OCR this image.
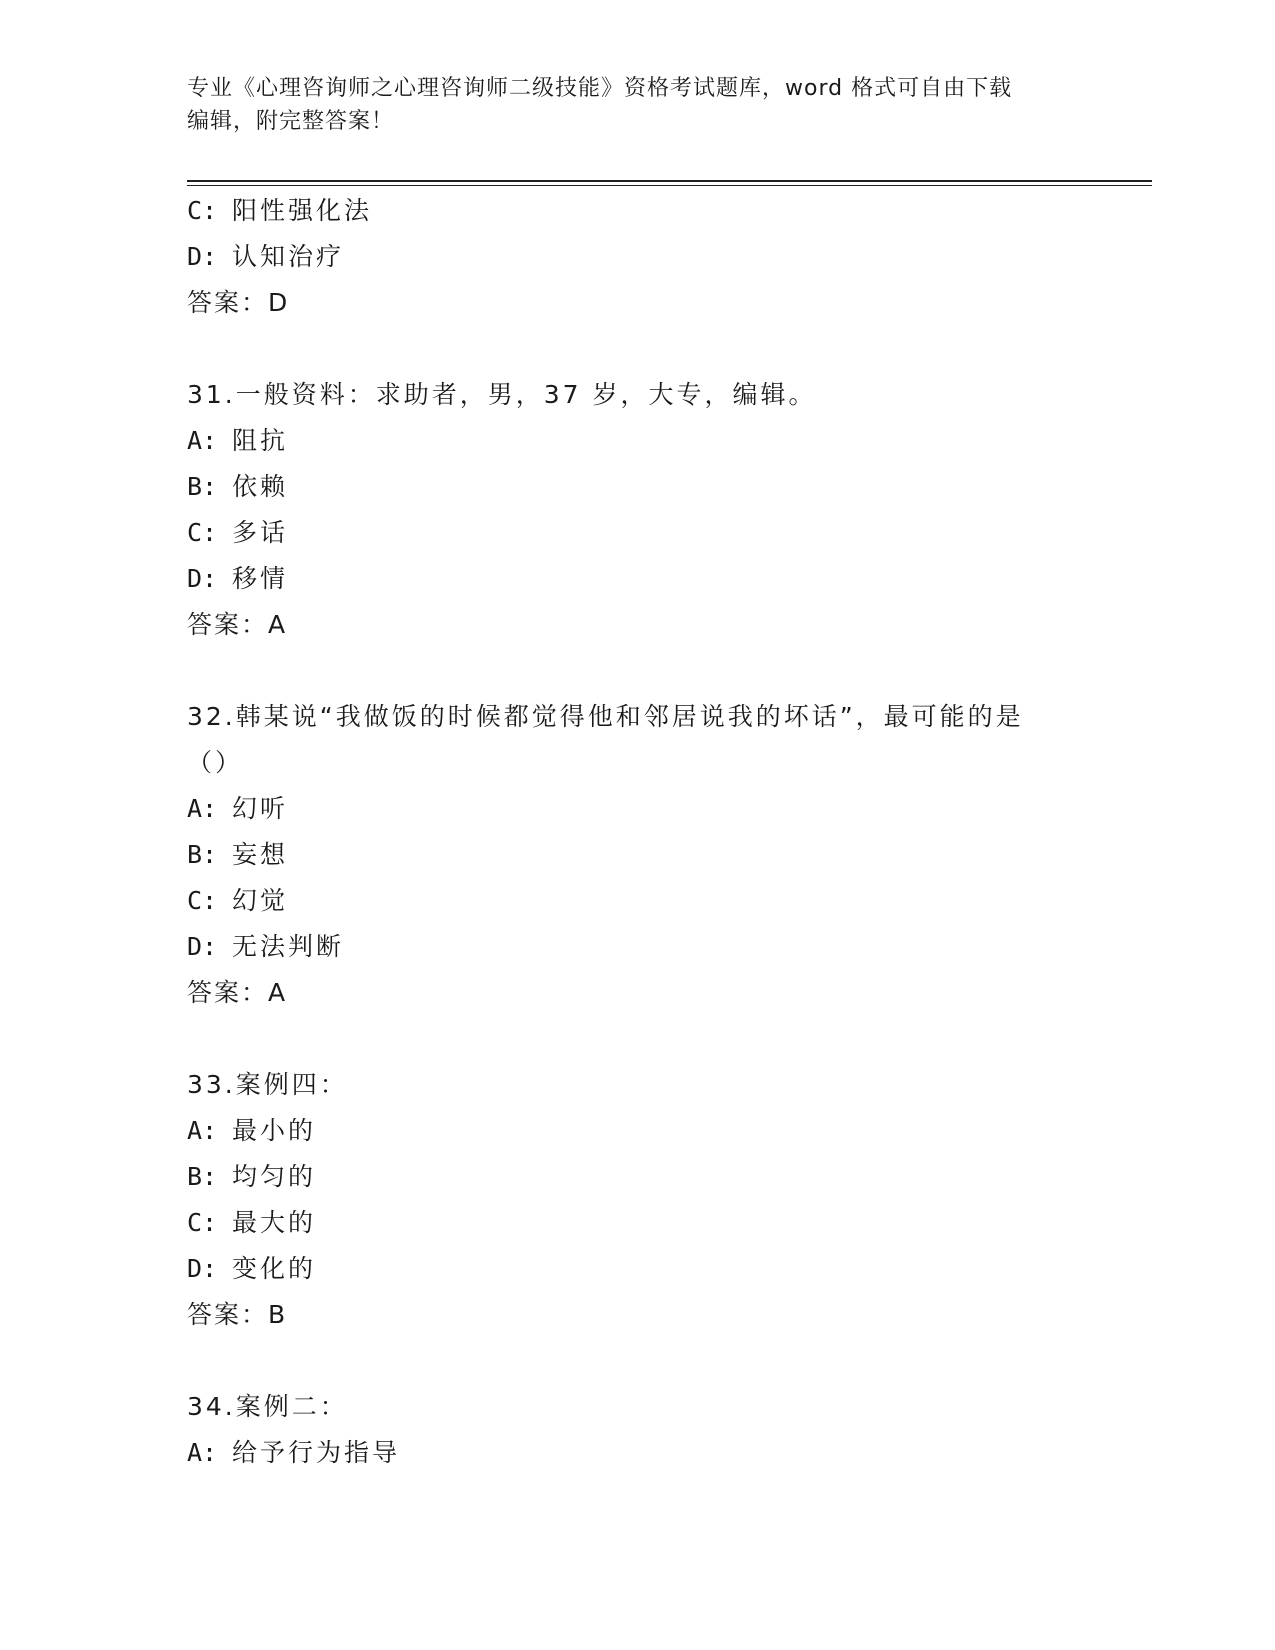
专业《心理咨询师之心理咨询师二级技能》资格考试题库，word 格式可自由下载
编辑，附完整答案！
C: 阳性强化法
D: 认知治疗
答案：D
31.一般资料：求助者，男，37 岁，大专，编辑。
A: 阻抗
B: 依赖
C: 多话
D: 移情
答案：A
32.韩某说“我做饭的时候都觉得他和邻居说我的坏话”，最可能的是
（）
A: 幻听
B: 妄想
C: 幻觉
D: 无法判断
答案：A
33.案例四：
A: 最小的
B: 均匀的
C: 最大的
D: 变化的
答案：B
34.案例二：
A: 给予行为指导
